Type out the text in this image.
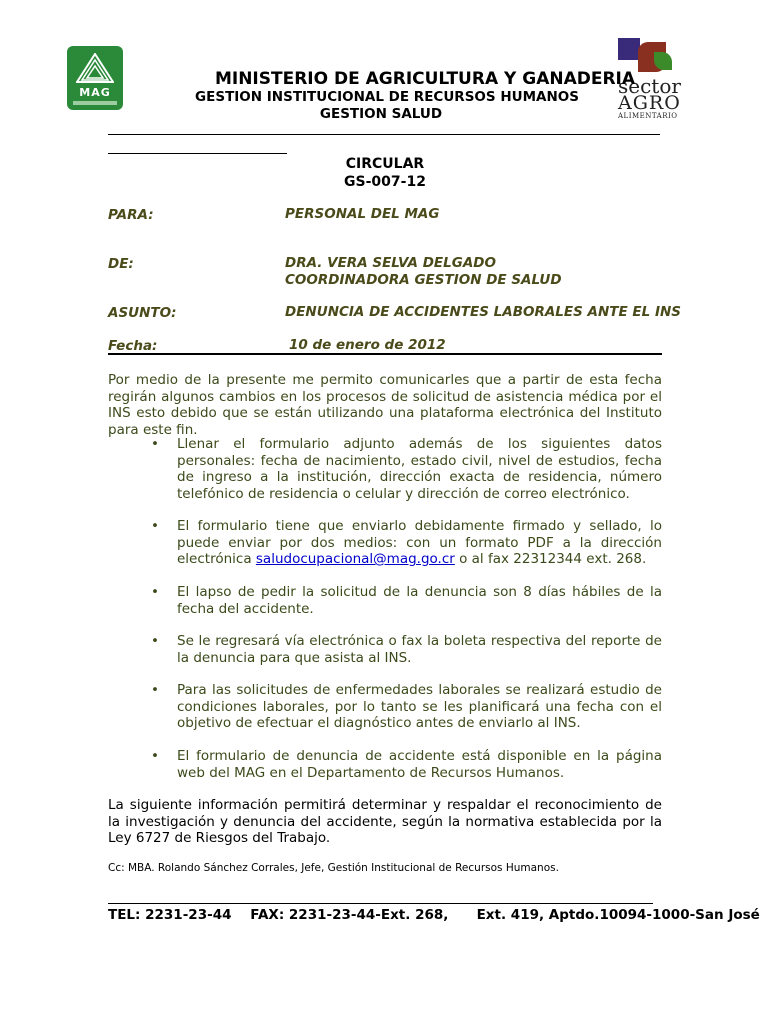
MAG	sector
AGRO
ALIMENTARIO
MINISTERIO DE AGRICULTURA Y GANADERIA
GESTION INSTITUCIONAL DE RECURSOS HUMANOS
GESTION SALUD
CIRCULAR
GS-007-12
PARA:	PERSONAL DEL MAG
DE:	DRA. VERA SELVA DELGADO
COORDINADORA GESTION DE SALUD
ASUNTO:	DENUNCIA DE ACCIDENTES LABORALES ANTE EL INS
Fecha:	10 de enero de 2012
Por medio de la presente me permito comunicarles que a partir de esta fecha regirán algunos cambios en los procesos de solicitud de asistencia médica por el INS esto debido que se están utilizando una plataforma electrónica del Instituto para este fin.
• Llenar el formulario adjunto además de los siguientes datos personales: fecha de nacimiento, estado civil, nivel de estudios, fecha de ingreso a la institución, dirección exacta de residencia, número telefónico de residencia o celular y dirección de correo electrónico.
• El formulario tiene que enviarlo debidamente firmado y sellado, lo puede enviar por dos medios: con un formato PDF a la dirección electrónica saludocupacional@mag.go.cr o al fax 22312344 ext. 268.
• El lapso de pedir la solicitud de la denuncia son 8 días hábiles de la fecha del accidente.
• Se le regresará vía electrónica o fax la boleta respectiva del reporte de la denuncia para que asista al INS.
• Para las solicitudes de enfermedades laborales se realizará estudio de condiciones laborales, por lo tanto se les planificará una fecha con el objetivo de efectuar el diagnóstico antes de enviarlo al INS.
• El formulario de denuncia de accidente está disponible en la página web del MAG en el Departamento de Recursos Humanos.
La siguiente información permitirá determinar y respaldar el reconocimiento de la investigación y denuncia del accidente, según la normativa establecida por la Ley 6727 de Riesgos del Trabajo.
Cc: MBA. Rolando Sánchez Corrales, Jefe, Gestión Institucional de Recursos Humanos.
TEL: 2231-23-44    FAX: 2231-23-44-Ext. 268,      Ext. 419, Aptdo.10094-1000-San José
